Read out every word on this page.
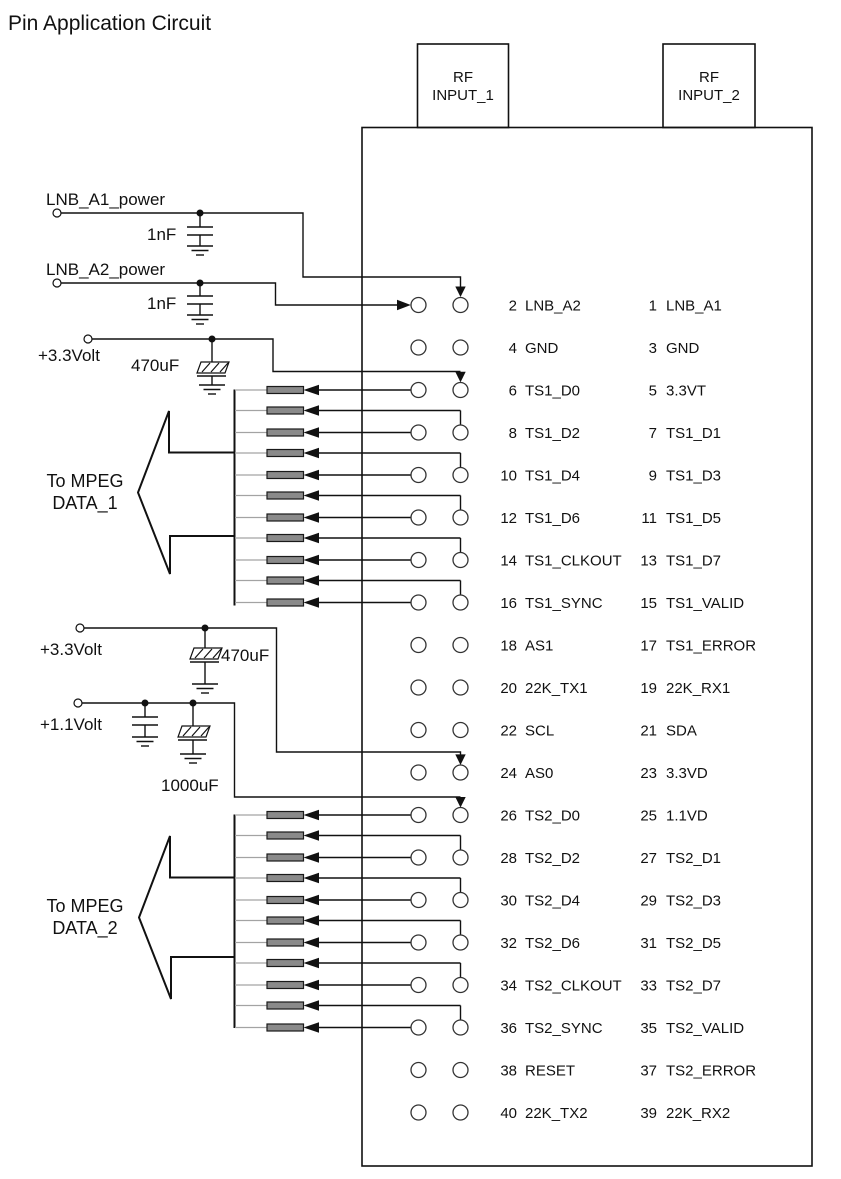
Pin Application Circuit
RF
INPUT_1
RF
INPUT_2
LNB_A1_power
1nF
LNB_A2_power
1nF
+3.3Volt
470uF
+3.3Volt	470uF
+1.1Volt
1000uF
To MPEG
DATA_1
To MPEG
DATA_2
2 LNB_A2	1 LNB_A1
4 GND	3 GND
6 TS1_D0	5 3.3VT
8 TS1_D2	7 TS1_D1
10 TS1_D4	9 TS1_D3
12 TS1_D6	11 TS1_D5
14 TS1_CLKOUT 13 TS1_D7
16 TS1_SYNC	15 TS1_VALID
18 AS1	17 TS1_ERROR
20 22K_TX1	19 22K_RX1
22 SCL	21 SDA
24 AS0	23 3.3VD
26 TS2_D0	25 1.1VD
28 TS2_D2	27 TS2_D1
30 TS2_D4	29 TS2_D3
32 TS2_D6	31 TS2_D5
34 TS2_CLKOUT 33 TS2_D7
36 TS2_SYNC	35 TS2_VALID
38 RESET	37 TS2_ERROR
40 22K_TX2	39 22K_RX2
